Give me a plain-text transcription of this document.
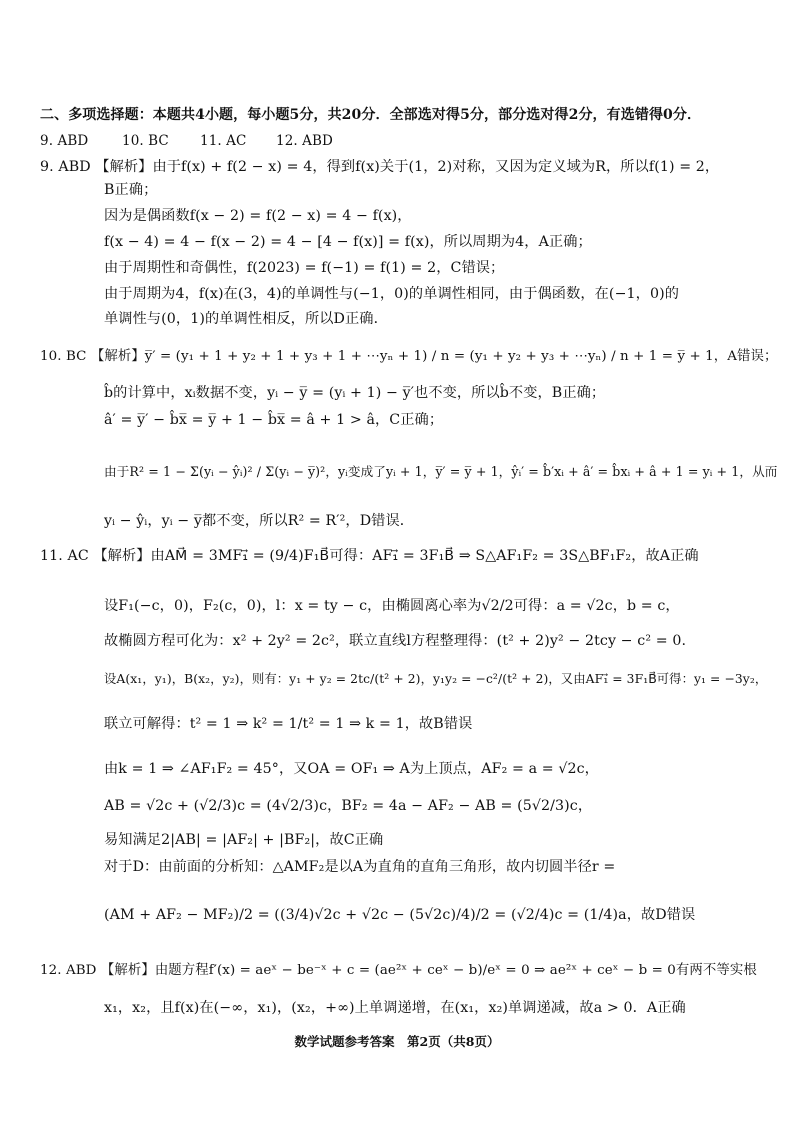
二、多项选择题：本题共4小题，每小题5分，共20分．全部选对得5分，部分选对得2分，有选错得0分．
9. ABD 10. BC 11. AC 12. ABD
9. ABD 【解析】由于f(x) + f(2 − x) = 4，得到f(x)关于(1，2)对称，又因为定义域为R，所以f(1) = 2，
B正确；
因为是偶函数f(x − 2) = f(2 − x) = 4 − f(x)，
f(x − 4) = 4 − f(x − 2) = 4 − [4 − f(x)] = f(x)，所以周期为4，A正确；
由于周期性和奇偶性，f(2023) = f(−1) = f(1) = 2，C错误；
由于周期为4，f(x)在(3，4)的单调性与(−1，0)的单调性相同，由于偶函数，在(−1，0)的
单调性与(0，1)的单调性相反，所以D正确．
10. BC 【解析】y̅′ = (y₁ + 1 + y₂ + 1 + y₃ + 1 + ⋯yₙ + 1) / n = (y₁ + y₂ + y₃ + ⋯yₙ) / n + 1 = y̅ + 1，A错误；
b̂的计算中，xᵢ数据不变，yᵢ − y̅ = (yᵢ + 1) − y̅′也不变，所以b̂不变，B正确；
â′ = y̅′ − b̂x̅ = y̅ + 1 − b̂x̅ = â + 1 > â，C正确；
由于R² = 1 − Σ(yᵢ − ŷᵢ)² / Σ(yᵢ − y̅)²，yᵢ变成了yᵢ + 1，y̅′ = y̅ + 1，ŷᵢ′ = b̂′xᵢ + â′ = b̂xᵢ + â + 1 = yᵢ + 1，从而
yᵢ − ŷᵢ，yᵢ − y̅都不变，所以R² = R′²，D错误．
11. AC 【解析】由AM⃗ = 3MF₁⃗ = (9/4)F₁B⃗可得：AF₁⃗ = 3F₁B⃗ ⇒ S△AF₁F₂ = 3S△BF₁F₂，故A正确
设F₁(−c，0)，F₂(c，0)，l：x = ty − c，由椭圆离心率为√2/2可得：a = √2c，b = c，
故椭圆方程可化为：x² + 2y² = 2c²，联立直线l方程整理得：(t² + 2)y² − 2tcy − c² = 0.
设A(x₁，y₁)，B(x₂，y₂)，则有：y₁ + y₂ = 2tc/(t² + 2)，y₁y₂ = −c²/(t² + 2)，又由AF₁⃗ = 3F₁B⃗可得：y₁ = −3y₂，
联立可解得：t² = 1 ⇒ k² = 1/t² = 1 ⇒ k = 1，故B错误
由k = 1 ⇒ ∠AF₁F₂ = 45°，又OA = OF₁ ⇒ A为上顶点，AF₂ = a = √2c，
AB = √2c + (√2/3)c = (4√2/3)c，BF₂ = 4a − AF₂ − AB = (5√2/3)c，
易知满足2|AB| = |AF₂| + |BF₂|，故C正确
对于D：由前面的分析知：△AMF₂是以A为直角的直角三角形，故内切圆半径r =
(AM + AF₂ − MF₂)/2 = ((3/4)√2c + √2c − (5√2c)/4)/2 = (√2/4)c = (1/4)a，故D错误
12. ABD 【解析】由题方程f′(x) = aeˣ − be⁻ˣ + c = (ae²ˣ + ceˣ − b)/eˣ = 0 ⇒ ae²ˣ + ceˣ − b = 0有两不等实根
x₁，x₂，且f(x)在(−∞，x₁)，(x₂，+∞)上单调递增，在(x₁，x₂)单调递减，故a > 0．A正确
数学试题参考答案　第2页（共8页）
